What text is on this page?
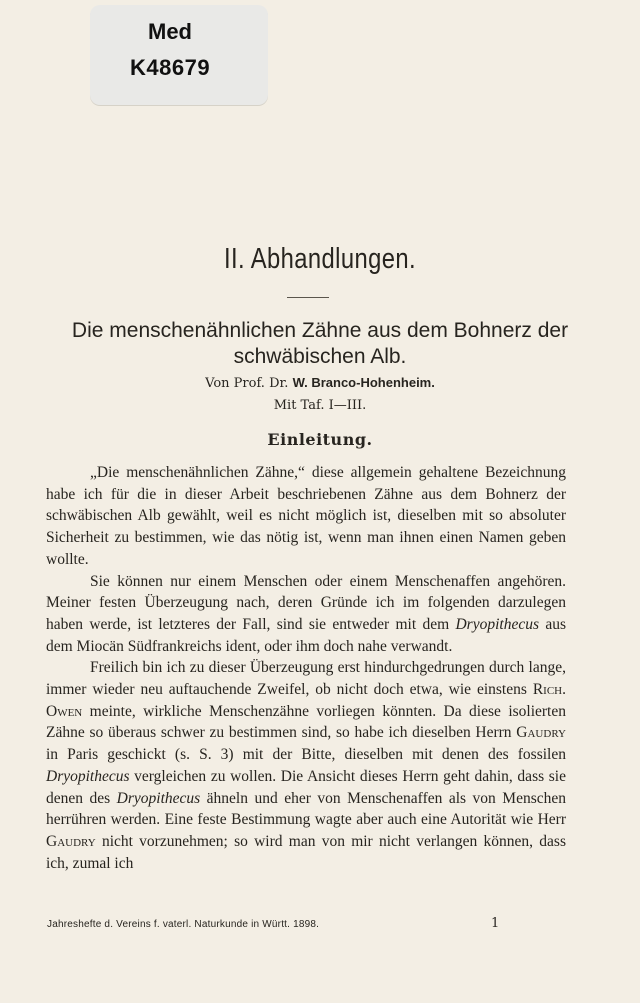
Med
K48679
II. Abhandlungen.
Die menschenähnlichen Zähne aus dem Bohnerz der schwäbischen Alb.
Von Prof. Dr. W. Branco-Hohenheim.
Mit Taf. I—III.
Einleitung.

„Die menschenähnlichen Zähne,“ diese allgemein gehaltene Bezeichnung habe ich für die in dieser Arbeit beschriebenen Zähne aus dem Bohnerz der schwäbischen Alb gewählt, weil es nicht möglich ist, dieselben mit so absoluter Sicherheit zu bestimmen, wie das nötig ist, wenn man ihnen einen Namen geben wollte.

Sie können nur einem Menschen oder einem Menschenaffen angehören. Meiner festen Überzeugung nach, deren Gründe ich im folgenden darzulegen haben werde, ist letzteres der Fall, sind sie entweder mit dem Dryopithecus aus dem Miocän Südfrankreichs ident, oder ihm doch nahe verwandt.

Freilich bin ich zu dieser Überzeugung erst hindurchgedrungen durch lange, immer wieder neu auftauchende Zweifel, ob nicht doch etwa, wie einstens Rich. Owen meinte, wirkliche Menschenzähne vorliegen könnten. Da diese isolierten Zähne so überaus schwer zu bestimmen sind, so habe ich dieselben Herrn Gaudry in Paris geschickt (s. S. 3) mit der Bitte, dieselben mit denen des fossilen Dryopithecus vergleichen zu wollen. Die Ansicht dieses Herrn geht dahin, dass sie denen des Dryopithecus ähneln und eher von Menschenaffen als von Menschen herrühren werden. Eine feste Bestimmung wagte aber auch eine Autorität wie Herr Gaudry nicht vorzunehmen; so wird man von mir nicht verlangen können, dass ich, zumal ich

Jahreshefte d. Vereins f. vaterl. Naturkunde in Württ. 1898.	1
